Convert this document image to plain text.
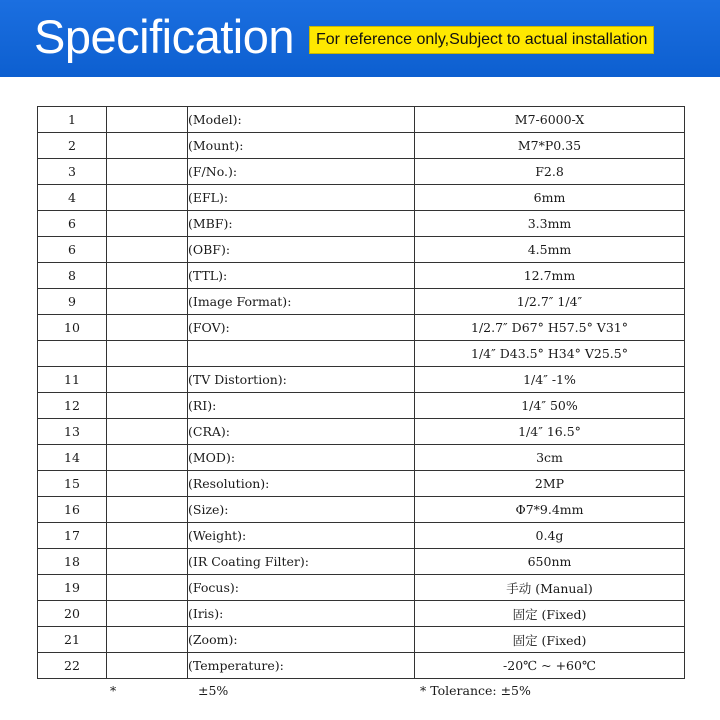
Specification	For reference only,Subject to actual installation
1		(Model):	M7-6000-X
2		(Mount):	M7*P0.35
3		(F/No.):	F2.8
4		(EFL):	6mm
6		(MBF):	3.3mm
6		(OBF):	4.5mm
8		(TTL):	12.7mm
9		(Image Format):	1/2.7″ 1/4″
10		(FOV):	1/2.7″ D67° H57.5° V31°
			1/4″ D43.5° H34° V25.5°
11		(TV Distortion):	1/4″ -1%
12		(RI):	1/4″ 50%
13		(CRA):	1/4″ 16.5°
14		(MOD):	3cm
15		(Resolution):	2MP
16		(Size):	Φ7*9.4mm
17		(Weight):	0.4g
18		(IR Coating Filter):	650nm
19		(Focus):	手动 (Manual)
20		(Iris):	固定 (Fixed)
21		(Zoom):	固定 (Fixed)
22		(Temperature):	-20℃ ~ +60℃
*	±5%	* Tolerance: ±5%
